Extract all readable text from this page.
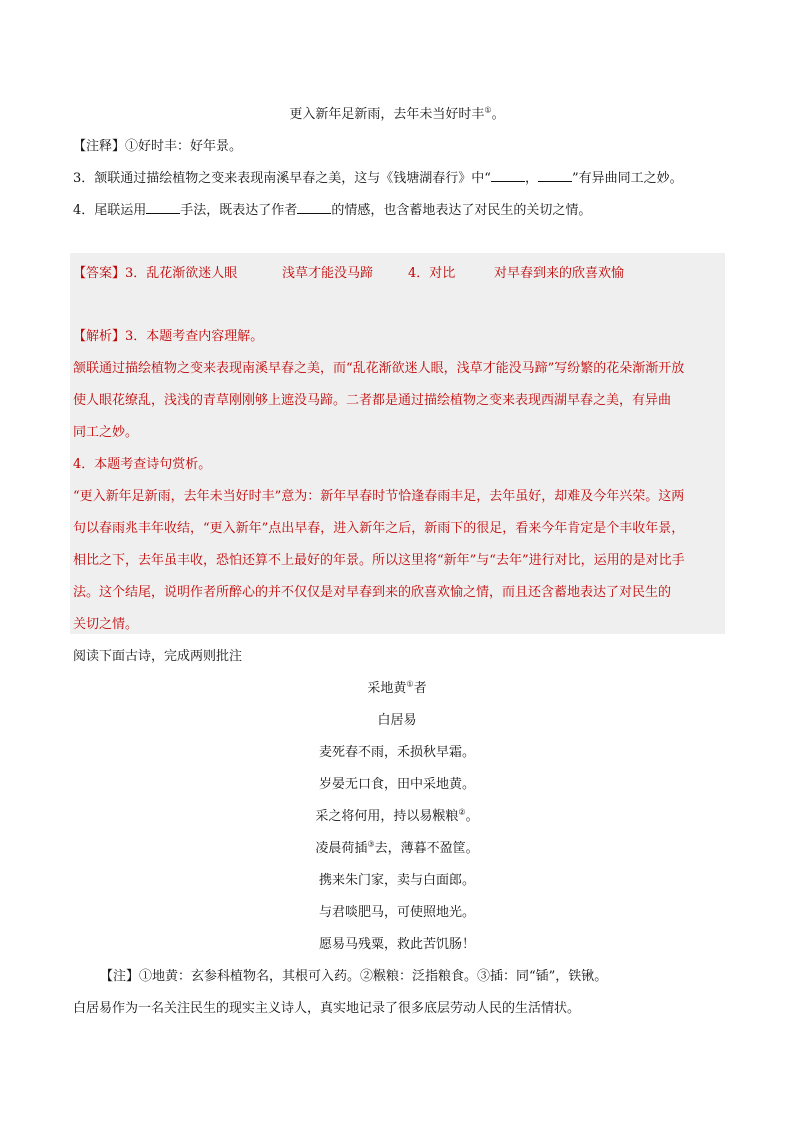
更入新年足新雨，去年未当好时丰①。

【注释】①好时丰：好年景。

3．颔联通过描绘植物之变来表现南溪早春之美，这与《钱塘湖春行》中“	，	”有异曲同工之妙。

4．尾联运用	手法，既表达了作者	的情感，也含蓄地表达了对民生的关切之情。

【答案】3．乱花渐欲迷人眼	浅草才能没马蹄	4．对比	对早春到来的欣喜欢愉

【解析】3．本题考查内容理解。

颔联通过描绘植物之变来表现南溪早春之美，而“乱花渐欲迷人眼，浅草才能没马蹄”写纷繁的花朵渐渐开放

使人眼花缭乱，浅浅的青草刚刚够上遮没马蹄。二者都是通过描绘植物之变来表现西湖早春之美，有异曲

同工之妙。

4．本题考查诗句赏析。

“更入新年足新雨，去年未当好时丰”意为：新年早春时节恰逢春雨丰足，去年虽好，却难及今年兴荣。这两

句以春雨兆丰年收结，“更入新年”点出早春，进入新年之后，新雨下的很足，看来今年肯定是个丰收年景，

相比之下，去年虽丰收，恐怕还算不上最好的年景。所以这里将“新年”与“去年”进行对比，运用的是对比手

法。这个结尾，说明作者所醉心的并不仅仅是对早春到来的欣喜欢愉之情，而且还含蓄地表达了对民生的

关切之情。

阅读下面古诗，完成两则批注

采地黄①者

白居易

麦死春不雨，禾损秋早霜。

岁晏无口食，田中采地黄。

采之将何用，持以易糇粮②。

凌晨荷插③去，薄暮不盈筐。

携来朱门家，卖与白面郎。

与君啖肥马，可使照地光。

愿易马残粟，救此苦饥肠！

【注】①地黄：玄参科植物名，其根可入药。②糇粮：泛指粮食。③插：同“锸”，铁锹。

白居易作为一名关注民生的现实主义诗人，真实地记录了很多底层劳动人民的生活情状。
